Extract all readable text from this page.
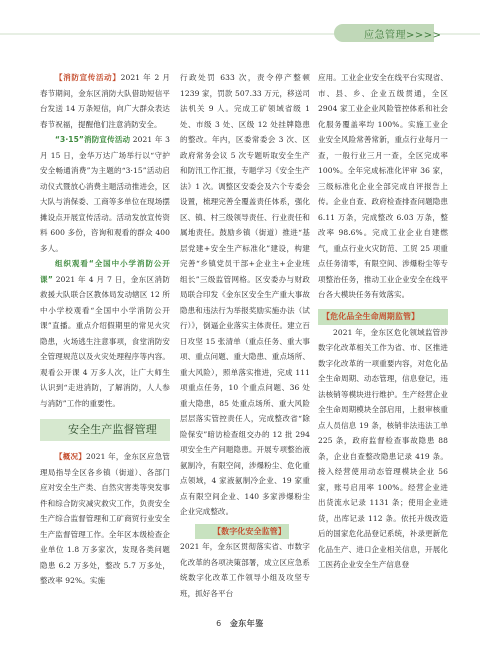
应急管理>>>>

【消防宣传活动】2021 年 2 月春节期间，金东区消防大队借助短信平台发送 14 万条短信，向广大群众表达春节祝福，提醒他们注意消防安全。

“3·15”消防宣传活动 2021 年 3 月 15 日，金华万达广场举行以“守护安全畅通消费”为主题的“3·15”活动启动仪式暨放心消费主题活动推进会，区大队与消保委、工商等多单位在现场摆摊设点开展宣传活动。活动发放宣传资料 600 多份，咨询和观看的群众 400 多人。

组织观看“全国中小学消防公开课” 2021 年 4 月 7 日，金东区消防救援大队联合区教体局发动辖区 12 所中小学校观看“全国中小学消防公开课”直播。重点介绍假期里的常见火灾隐患，火场逃生注意事项，食堂消防安全管理规范以及火灾处理程序等内容。观看公开课 4 万多人次，让广大师生认识到“走进消防，了解消防，人人参与消防”工作的重要性。

安全生产监督管理

【概况】2021 年，金东区应急管理局指导全区各乡镇（街道）、各部门应对安全生产类、自然灾害类等突发事件和综合防灾减灾救灾工作，负责安全生产综合监督管理和工矿商贸行业安全生产监督管理工作。全年区本级检查企业单位 1.8 万多家次，发现各类问题隐患 6.2 万多处，整改 5.7 万多处，整改率 92%。实施

行政处罚 633 次，责令停产整顿 1239 家，罚款 507.33 万元，移送司法机关 9 人。完成工矿领域省级 1 处、市级 3 处、区级 12 处挂牌隐患的整改。年内，区委常委会 3 次、区政府常务会议 5 次专题听取安全生产和防汛工作汇报，专题学习《安全生产法》1 次。调整区安委会及六个专委会设置，梳理完善全覆盖责任体系，强化区、镇、村三级领导责任、行业责任和属地责任。鼓励乡镇（街道）推进“基层党建+安全生产标准化”建设，构建完善“乡镇党员干部+企业主+企业班组长”三级监管网格。区安委办与财政局联合印发《金东区安全生产重大事故隐患和违法行为举报奖励实施办法（试行）》，倒逼企业落实主体责任。建立百日攻坚 15 张清单（重点任务、重大事项、重点问题、重大隐患、重点场所、重大风险），照单落实推进，完成 111 项重点任务，10 个重点问题、36 处重大隐患，85 处重点场所、重大风险层层落实管控责任人，完成整改省“除险保安”暗访检查组交办的 12 批 294 项安全生产问题隐患。开展专项整治液氨制冷，有限空间，涉爆粉尘、危化重点领域，4 家液氨制冷企业、19 家重点有限空间企业、140 多家涉爆粉尘企业完成整改。

【数字化安全监管】 2021 年，金东区贯彻落实省、市数字化改革的各项决策部署，成立区应急系统数字化改革工作领导小组及攻坚专班，抓好各平台

应用。工业企业安全在线平台实现省、市、县、乡、企业五级贯通，全区 2904 家工业企业风险管控体系和社会化服务覆盖率均 100%。实施工业企业安全风险常善常新，重点行业每月一查，一般行业三月一查，全区完成率 100%。全年完成标准化评审 36 家，三级标准化企业全部完成自评报告上传。企业自查、政府检查排查问题隐患 6.11 万条，完成整改 6.03 万条，整改率 98.6%。完成工业企业自建燃气，重点行业火灾防范、工贸 25 项重点任务清零，有限空间、涉爆粉尘等专项整治任务，推动工业企业安全在线平台各大模块任务有效落实。

【危化品全生命周期监管】

2021 年，金东区危化领域监管涉数字化改革相关工作为省、市、区推进数字化改革的一项重要内容，对危化品全生命周期、动态管理，信息登记，违法核销等模块进行维护。生产经营企业全生命周期模块全部启用，上报审核重点人员信息 19 条，核销非法违法工单 225 条，政府监督检查事故隐患 88 条，企业自查整改隐患记录 419 条。接入经营使用动态管理模块企业 56 家，账号启用率 100%。经营企业进出货流水记录 1131 条；使用企业进货，出库记录 112 条。依托升级改造后的国家危化品登记系统，补录更新危化品生产、进口企业相关信息，开展化工医药企业安全生产信息登

6 金东年鉴
